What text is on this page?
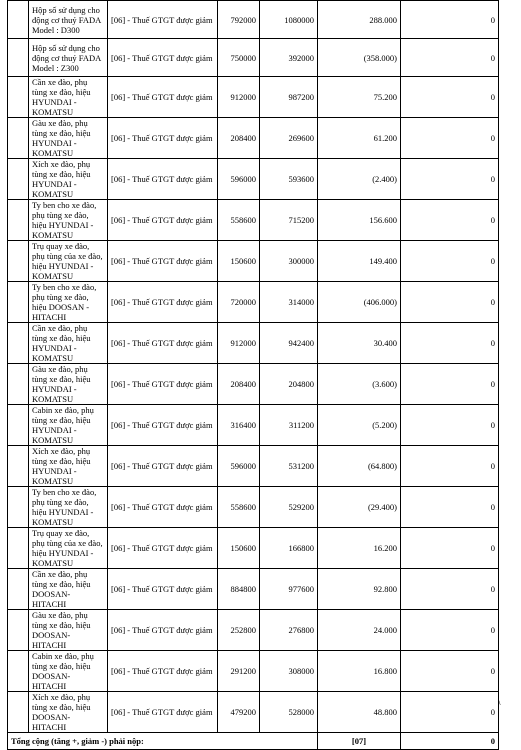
	Hộp số sử dụng cho động cơ thuỷ FADA Model : D300	[06] - Thuế GTGT được giảm	792000	1080000	288.000	0
	Hộp số sử dụng cho động cơ thuỷ FADA Model : Z300	[06] - Thuế GTGT được giảm	750000	392000	(358.000)	0
	Cần xe đào, phụ tùng xe đào, hiệu HYUNDAI - KOMATSU	[06] - Thuế GTGT được giảm	912000	987200	75.200	0
	Gàu xe đào, phụ tùng xe đào, hiệu HYUNDAI - KOMATSU	[06] - Thuế GTGT được giảm	208400	269600	61.200	0
	Xích xe đào, phụ tùng xe đào, hiệu HYUNDAI - KOMATSU	[06] - Thuế GTGT được giảm	596000	593600	(2.400)	0
	Ty ben cho xe đào, phụ tùng xe đào, hiệu HYUNDAI - KOMATSU	[06] - Thuế GTGT được giảm	558600	715200	156.600	0
	Trụ quay xe đào, phụ tùng của xe đào, hiệu HYUNDAI - KOMATSU	[06] - Thuế GTGT được giảm	150600	300000	149.400	0
	Ty ben cho xe đào, phụ tùng xe đào, hiệu DOOSAN - HITACHI	[06] - Thuế GTGT được giảm	720000	314000	(406.000)	0
	Cần xe đào, phụ tùng xe đào, hiệu HYUNDAI - KOMATSU	[06] - Thuế GTGT được giảm	912000	942400	30.400	0
	Gàu xe đào, phụ tùng xe đào, hiệu HYUNDAI - KOMATSU	[06] - Thuế GTGT được giảm	208400	204800	(3.600)	0
	Cabin xe đào, phụ tùng xe đào, hiệu HYUNDAI - KOMATSU	[06] - Thuế GTGT được giảm	316400	311200	(5.200)	0
	Xích xe đào, phụ tùng xe đào, hiệu HYUNDAI - KOMATSU	[06] - Thuế GTGT được giảm	596000	531200	(64.800)	0
	Ty ben cho xe đào, phụ tùng xe đào, hiệu HYUNDAI - KOMATSU	[06] - Thuế GTGT được giảm	558600	529200	(29.400)	0
	Trụ quay xe đào, phụ tùng của xe đào, hiệu HYUNDAI - KOMATSU	[06] - Thuế GTGT được giảm	150600	166800	16.200	0
	Cần xe đào, phụ tùng xe đào, hiệu DOOSAN-HITACHI	[06] - Thuế GTGT được giảm	884800	977600	92.800	0
	Gàu xe đào, phụ tùng xe đào, hiệu DOOSAN-HITACHI	[06] - Thuế GTGT được giảm	252800	276800	24.000	0
	Cabin xe đào, phụ tùng xe đào, hiệu DOOSAN-HITACHI	[06] - Thuế GTGT được giảm	291200	308000	16.800	0
	Xích xe đào, phụ tùng xe đào, hiệu DOOSAN-HITACHI	[06] - Thuế GTGT được giảm	479200	528000	48.800	0
Tổng cộng (tăng +, giảm -) phải nộp:					[07]	0
\
